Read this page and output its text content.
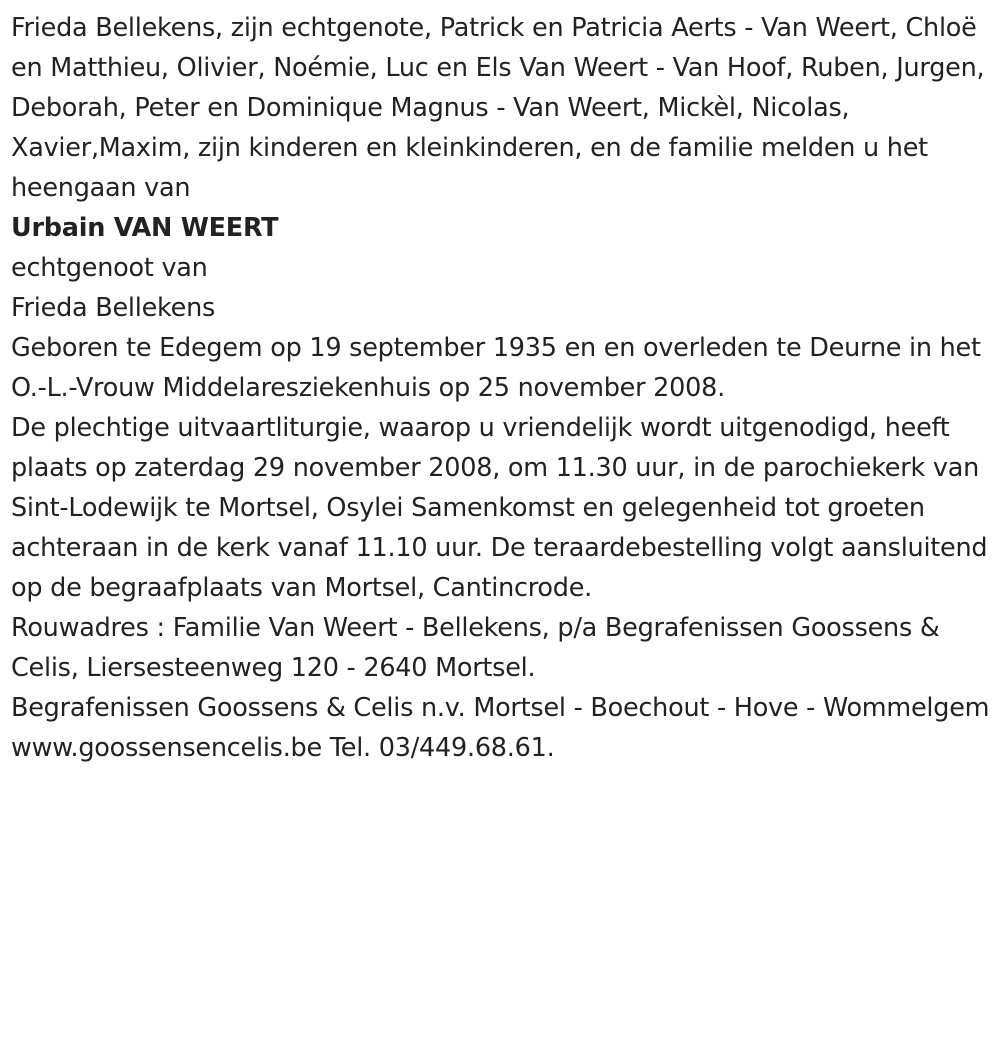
Frieda Bellekens, zijn echtgenote, Patrick en Patricia Aerts - Van Weert, Chloë en Matthieu, Olivier, Noémie, Luc en Els Van Weert - Van Hoof, Ruben, Jurgen, Deborah, Peter en Dominique Magnus - Van Weert, Mickèl, Nicolas, Xavier,Maxim, zijn kinderen en kleinkinderen, en de familie melden u het heengaan van

Urbain VAN WEERT

echtgenoot van

Frieda Bellekens

Geboren te Edegem op 19 september 1935 en en overleden te Deurne in het O.-L.-Vrouw Middelaresziekenhuis op 25 november 2008.

De plechtige uitvaartliturgie, waarop u vriendelijk wordt uitgenodigd, heeft plaats op zaterdag 29 november 2008, om 11.30 uur, in de parochiekerk van Sint-Lodewijk te Mortsel, Osylei Samenkomst en gelegenheid tot groeten achteraan in de kerk vanaf 11.10 uur. De teraardebestelling volgt aansluitend op de begraafplaats van Mortsel, Cantincrode.

Rouwadres : Familie Van Weert - Bellekens, p/a Begrafenissen Goossens & Celis, Liersesteenweg 120 - 2640 Mortsel.

Begrafenissen Goossens & Celis n.v. Mortsel - Boechout - Hove - Wommelgem www.goossensencelis.be Tel. 03/449.68.61.
